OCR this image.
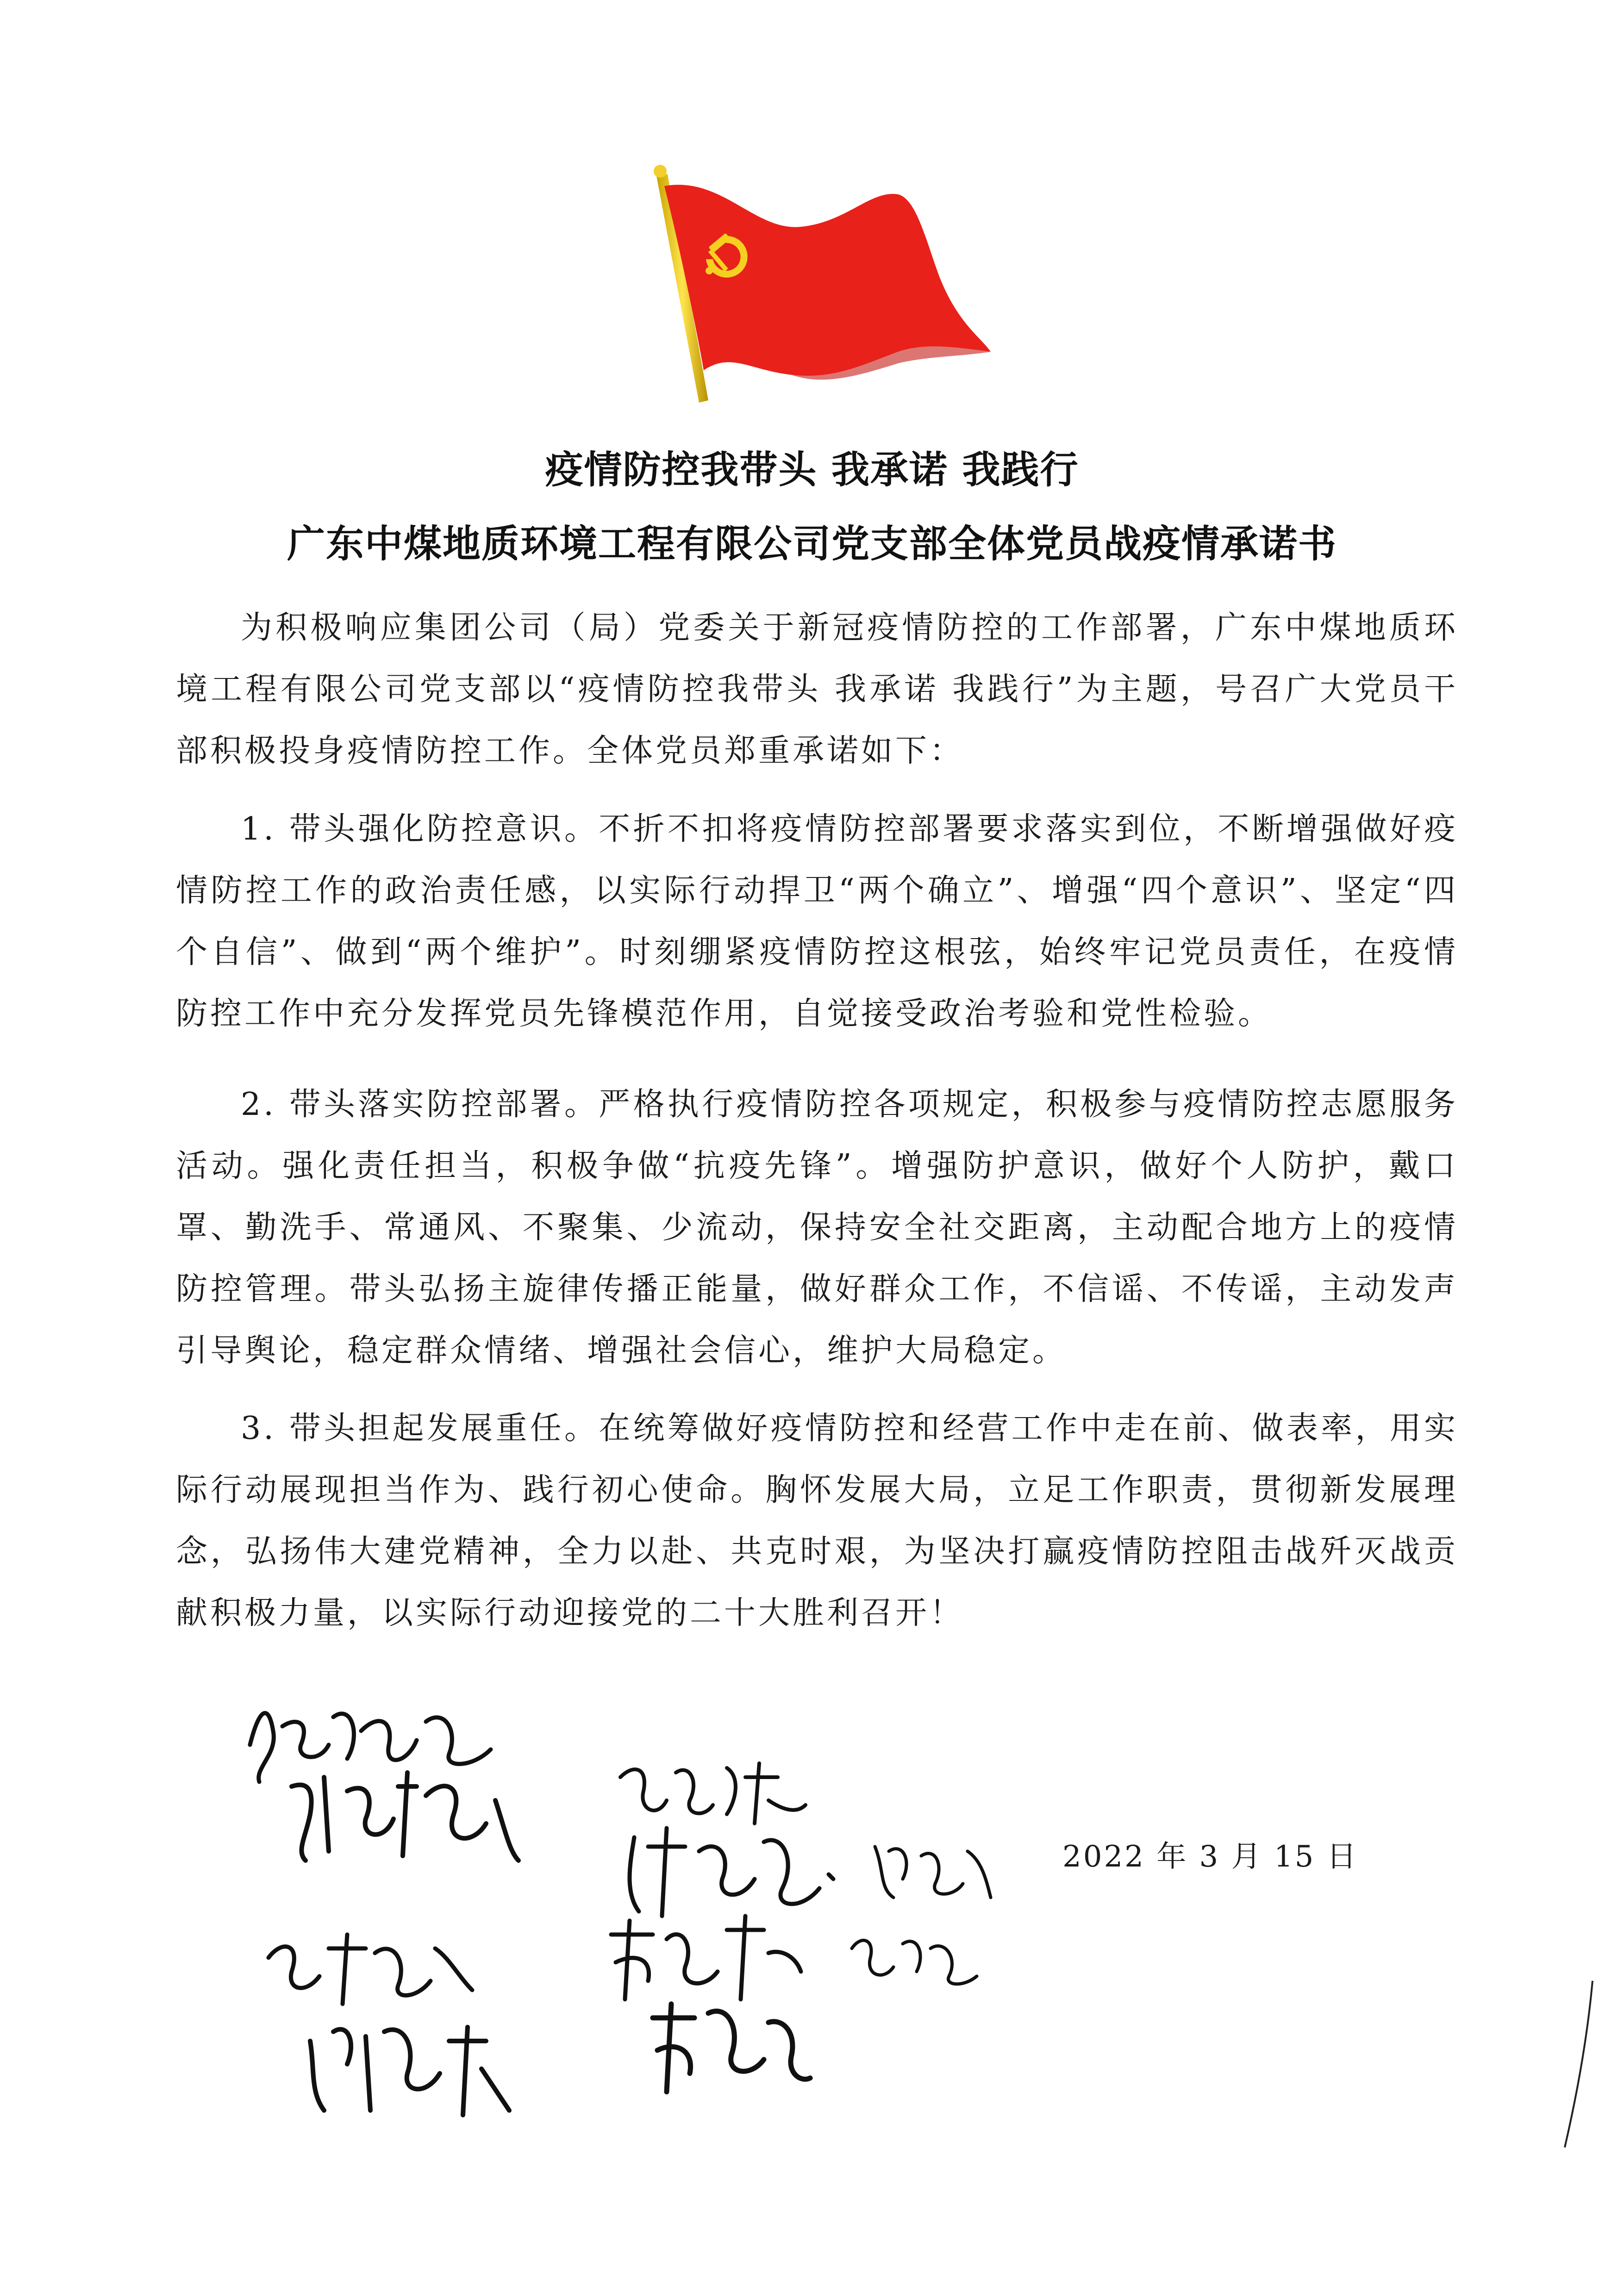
疫情防控我带头 我承诺 我践行
广东中煤地质环境工程有限公司党支部全体党员战疫情承诺书

为积极响应集团公司（局）党委关于新冠疫情防控的工作部署，广东中煤地质环境工程有限公司党支部以“疫情防控我带头 我承诺 我践行”为主题，号召广大党员干部积极投身疫情防控工作。全体党员郑重承诺如下：

1. 带头强化防控意识。不折不扣将疫情防控部署要求落实到位，不断增强做好疫情防控工作的政治责任感，以实际行动捍卫“两个确立”、增强“四个意识”、坚定“四个自信”、做到“两个维护”。时刻绷紧疫情防控这根弦，始终牢记党员责任，在疫情防控工作中充分发挥党员先锋模范作用，自觉接受政治考验和党性检验。

2. 带头落实防控部署。严格执行疫情防控各项规定，积极参与疫情防控志愿服务活动。强化责任担当，积极争做“抗疫先锋”。增强防护意识，做好个人防护，戴口罩、勤洗手、常通风、不聚集、少流动，保持安全社交距离，主动配合地方上的疫情防控管理。带头弘扬主旋律传播正能量，做好群众工作，不信谣、不传谣，主动发声引导舆论，稳定群众情绪、增强社会信心，维护大局稳定。

3. 带头担起发展重任。在统筹做好疫情防控和经营工作中走在前、做表率，用实际行动展现担当作为、践行初心使命。胸怀发展大局，立足工作职责，贯彻新发展理念，弘扬伟大建党精神，全力以赴、共克时艰，为坚决打赢疫情防控阻击战歼灭战贡献积极力量，以实际行动迎接党的二十大胜利召开！

2022 年 3 月 15 日
